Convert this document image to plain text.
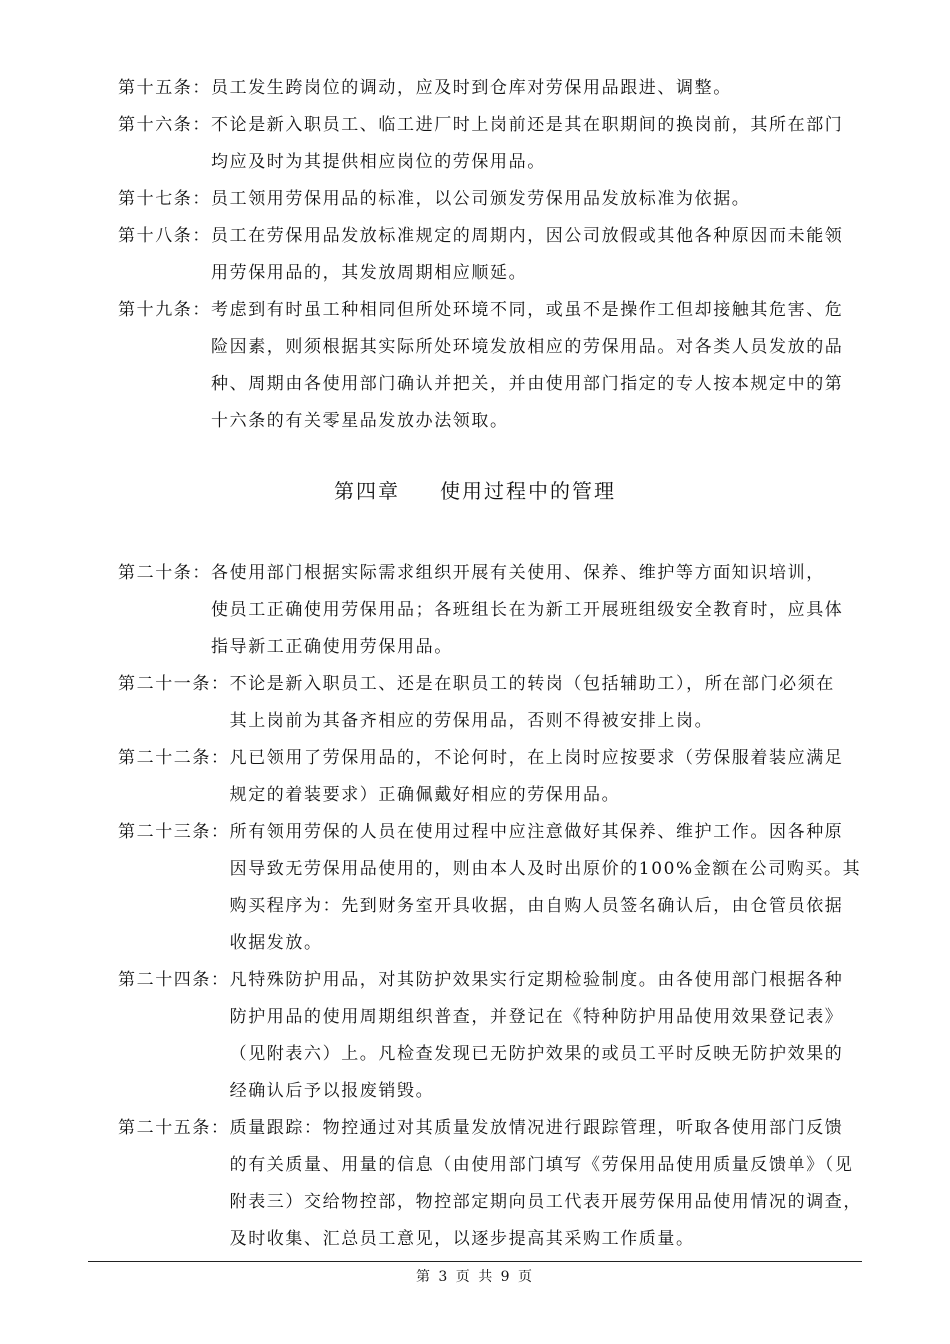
第十五条： 员工发生跨岗位的调动，应及时到仓库对劳保用品跟进、调整。
第十六条： 不论是新入职员工、临工进厂时上岗前还是其在职期间的换岗前，其所在部门
均应及时为其提供相应岗位的劳保用品。
第十七条： 员工领用劳保用品的标准，以公司颁发劳保用品发放标准为依据。
第十八条： 员工在劳保用品发放标准规定的周期内，因公司放假或其他各种原因而未能领
用劳保用品的，其发放周期相应顺延。
第十九条： 考虑到有时虽工种相同但所处环境不同，或虽不是操作工但却接触其危害、危
险因素，则须根据其实际所处环境发放相应的劳保用品。对各类人员发放的品
种、周期由各使用部门确认并把关，并由使用部门指定的专人按本规定中的第
十六条的有关零星品发放办法领取。
第四章 使用过程中的管理
第二十条： 各使用部门根据实际需求组织开展有关使用、保养、维护等方面知识培训，
使员工正确使用劳保用品；各班组长在为新工开展班组级安全教育时，应具体
指导新工正确使用劳保用品。
第二十一条： 不论是新入职员工、还是在职员工的转岗（包括辅助工），所在部门必须在
其上岗前为其备齐相应的劳保用品，否则不得被安排上岗。
第二十二条： 凡已领用了劳保用品的，不论何时，在上岗时应按要求（劳保服着装应满足
规定的着装要求）正确佩戴好相应的劳保用品。
第二十三条： 所有领用劳保的人员在使用过程中应注意做好其保养、维护工作。因各种原
因导致无劳保用品使用的，则由本人及时出原价的100%金额在公司购买。其
购买程序为：先到财务室开具收据，由自购人员签名确认后，由仓管员依据
收据发放。
第二十四条： 凡特殊防护用品，对其防护效果实行定期检验制度。由各使用部门根据各种
防护用品的使用周期组织普查，并登记在《特种防护用品使用效果登记表》
（见附表六）上。凡检查发现已无防护效果的或员工平时反映无防护效果的
经确认后予以报废销毁。
第二十五条： 质量跟踪：物控通过对其质量发放情况进行跟踪管理，听取各使用部门反馈
的有关质量、用量的信息（由使用部门填写《劳保用品使用质量反馈单》（见
附表三）交给物控部，物控部定期向员工代表开展劳保用品使用情况的调查，
及时收集、汇总员工意见，以逐步提高其采购工作质量。
第 3 页 共 9 页
